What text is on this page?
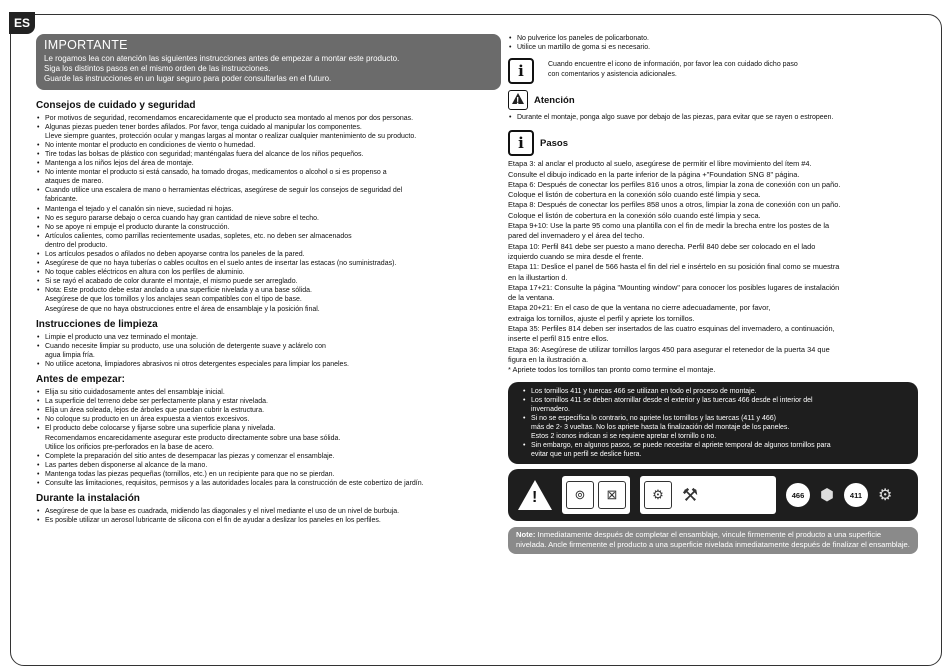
ES
IMPORTANTE

Le rogamos lea con atención las siguientes instrucciones antes de empezar a montar este producto.

Siga los distintos pasos en el mismo orden de las instrucciones.

Guarde las instrucciones en un lugar seguro para poder consultarlas en el futuro.

Consejos de cuidado y seguridad
• Por motivos de seguridad, recomendamos encarecidamente que el producto sea montado al menos por dos personas.
• Algunas piezas pueden tener bordes afilados. Por favor, tenga cuidado al manipular los componentes.
Lleve siempre guantes, protección ocular y mangas largas al montar o realizar cualquier mantenimiento de su producto.
• No intente montar el producto en condiciones de viento o humedad.
• Tire todas las bolsas de plástico con seguridad; manténgalas fuera del alcance de los niños pequeños.
• Mantenga a los niños lejos del área de montaje.
• No intente montar el producto si está cansado, ha tomado drogas, medicamentos o alcohol o si es propenso a
ataques de mareo.
• Cuando utilice una escalera de mano o herramientas eléctricas, asegúrese de seguir los consejos de seguridad del
fabricante.
• Mantenga el tejado y el canalón sin nieve, suciedad ni hojas.
• No es seguro pararse debajo o cerca cuando hay gran cantidad de nieve sobre el techo.
• No se apoye ni empuje el producto durante la construcción.
• Artículos calientes, como parrillas recientemente usadas, sopletes, etc. no deben ser almacenados
dentro del producto.
• Los artículos pesados o afilados no deben apoyarse contra los paneles de la pared.
• Asegúrese de que no haya tuberías o cables ocultos en el suelo antes de insertar las estacas (no suministradas).
• No toque cables eléctricos en altura con los perfiles de aluminio.
• Si se rayó el acabado de color durante el montaje, el mismo puede ser arreglado.
• Nota: Este producto debe estar anclado a una superficie nivelada y a una base sólida.
Asegúrese de que los tornillos y los anclajes sean compatibles con el tipo de base.
Asegúrese de que no haya obstrucciones entre el área de ensamblaje y la posición final.
Instrucciones de limpieza
• Limpie el producto una vez terminado el montaje.
• Cuando necesite limpiar su producto, use una solución de detergente suave y aclárelo con
agua limpia fría.
• No utilice acetona, limpiadores abrasivos ni otros detergentes especiales para limpiar los paneles.
Antes de empezar:
• Elija su sitio cuidadosamente antes del ensamblaje inicial.
• La superficie del terreno debe ser perfectamente plana y estar nivelada.
• Elija un área soleada, lejos de árboles que puedan cubrir la estructura.
• No coloque su producto en un área expuesta a vientos excesivos.
• El producto debe colocarse y fijarse sobre una superficie plana y nivelada.
Recomendamos encarecidamente asegurar este producto directamente sobre una base sólida.
Utilice los orificios pre-perforados en la base de acero.
• Complete la preparación del sitio antes de desempacar las piezas y comenzar el ensamblaje.
• Las partes deben disponerse al alcance de la mano.
• Mantenga todas las piezas pequeñas (tornillos, etc.) en un recipiente para que no se pierdan.
• Consulte las limitaciones, requisitos, permisos y a las autoridades locales para la construcción de este cobertizo de jardín.
Durante la instalación
• Asegúrese de que la base es cuadrada, midiendo las diagonales y el nivel mediante el uso de un nivel de burbuja.
• Es posible utilizar un aerosol lubricante de silicona con el fin de ayudar a deslizar los paneles en los perfiles.
• No pulverice los paneles de policarbonato.
• Utilice un martillo de goma si es necesario.
i	Cuando encuentre el icono de información, por favor lea con cuidado dicho paso
con comentarios y asistencia adicionales.
!
Atención
• Durante el montaje, ponga algo suave por debajo de las piezas, para evitar que se rayen o estropeen.
i	Pasos

Etapa 3: al anclar el producto al suelo, asegúrese de permitir el libre movimiento del ítem #4.

Consulte el dibujo indicado en la parte inferior de la página +"Foundation SNG 8" página.

Etapa 6: Después de conectar los perfiles 816 unos a otros, limpiar la zona de conexión con un paño.

Coloque el listón de cobertura en la conexión sólo cuando esté limpia y seca.

Etapa 8: Después de conectar los perfiles 858 unos a otros, limpiar la zona de conexión con un paño.

Coloque el listón de cobertura en la conexión sólo cuando esté limpia y seca.

Etapa 9+10: Use la parte 95 como una plantilla con el fin de medir la brecha entre los postes de la

pared del invernadero y el área del techo.

Etapa 10: Perfil 841 debe ser puesto a mano derecha. Perfil 840 debe ser colocado en el lado

izquierdo cuando se mira desde el frente.

Etapa 11: Deslice el panel de 566 hasta el fin del riel e insértelo en su posición final como se muestra

en la illustartion d.

Etapa 17+21: Consulte la página "Mounting window" para conocer los posibles lugares de instalación

de la ventana.

Etapa 20+21: En el caso de que la ventana no cierre adecuadamente, por favor,

extraiga los tornillos, ajuste el perfil y apriete los tornillos.

Etapa 35: Perfiles 814 deben ser insertados de las cuatro esquinas del invernadero, a continuación,

inserte el perfil 815 entre ellos.

Etapa 36: Asegúrese de utilizar tornillos largos 450 para asegurar el retenedor de la puerta 34 que

figura en la ilustración a.

* Apriete todos los tornillos tan pronto como termine el montaje.

• Los tornillos 411 y tuercas 466 se utilizan en todo el proceso de montaje.
• Los tornillos 411 se deben atornillar desde el exterior y las tuercas 466 desde el interior del
invernadero.
• Si no se especifica lo contrario, no apriete los tornillos y las tuercas (411 y 466)
más de 2- 3 vueltas. No los apriete hasta la finalización del montaje de los paneles.
Estos 2 iconos indican si se requiere apretar el tornillo o no.
• Sin embargo, en algunos pasos, se puede necesitar el apriete temporal de algunos tornillos para
evitar que un perfil se deslice fuera.
!
⊚	⊠	⚙	⚒	466 ⬢	411 ⚙
Note: Inmediatamente después de completar el ensamblaje, vincule firmemente el producto a una superficie nivelada. Ancle firmemente el producto a una superficie nivelada inmediatamente después de finalizar el ensamblaje.
